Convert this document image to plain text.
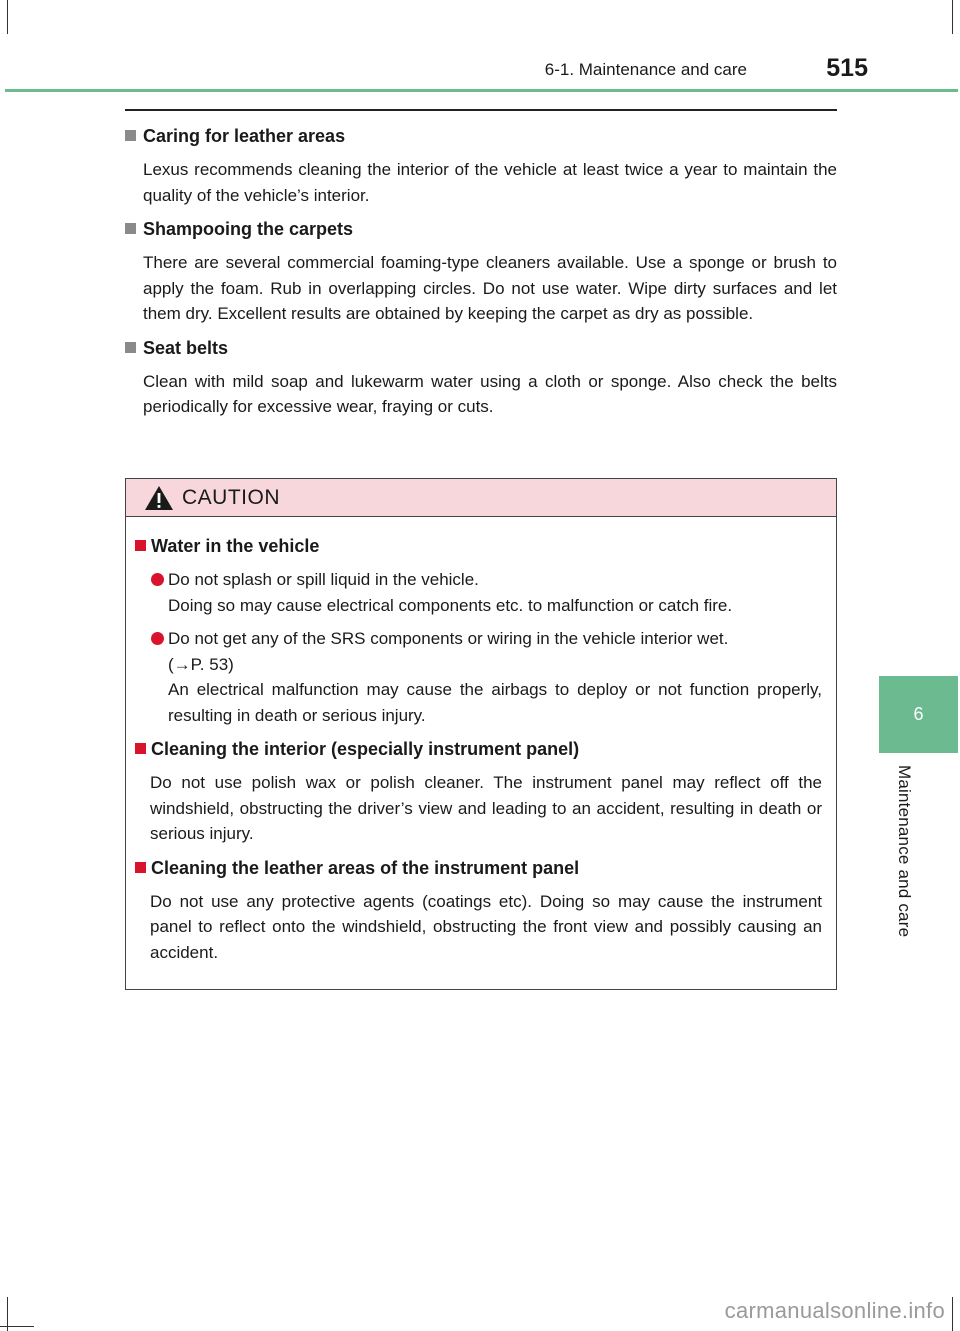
6-1. Maintenance and care	515
6
Maintenance and care
Caring for leather areas

Lexus recommends cleaning the interior of the vehicle at least twice a year to maintain the quality of the vehicle’s interior.

Shampooing the carpets

There are several commercial foaming-type cleaners available. Use a sponge or brush to apply the foam. Rub in overlapping circles. Do not use water. Wipe dirty surfaces and let them dry. Excellent results are obtained by keeping the carpet as dry as possible.

Seat belts

Clean with mild soap and lukewarm water using a cloth or sponge. Also check the belts periodically for excessive wear, fraying or cuts.

CAUTION
Water in the vehicle
Do not splash or spill liquid in the vehicle.
Doing so may cause electrical components etc. to malfunction or catch fire.
Do not get any of the SRS components or wiring in the vehicle interior wet.
(→P. 53)
An electrical malfunction may cause the airbags to deploy or not function properly, resulting in death or serious injury.
Cleaning the interior (especially instrument panel)

Do not use polish wax or polish cleaner. The instrument panel may reflect off the windshield, obstructing the driver’s view and leading to an accident, resulting in death or serious injury.

Cleaning the leather areas of the instrument panel

Do not use any protective agents (coatings etc). Doing so may cause the instrument panel to reflect onto the windshield, obstructing the front view and possibly causing an accident.

carmanualsonline.info
